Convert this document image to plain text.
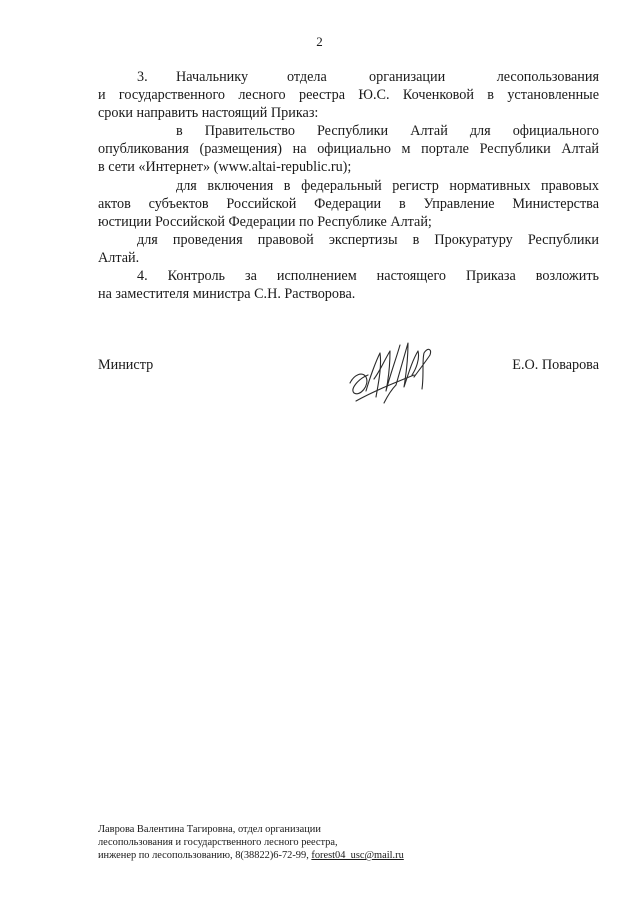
2
3. Начальнику	отдела	организации	лесопользования
и государственного лесного реестра Ю.С. Коченковой в установленные
сроки направить настоящий Приказ:
в Правительство Республики Алтай для официального
опубликования (размещения) на официально м портале Республики Алтай
в сети «Интернет» (www.altai-republic.ru);
для включения в федеральный регистр нормативных правовых
актов субъектов Российской Федерации в Управление Министерства
юстиции Российской Федерации по Республике Алтай;
для проведения правовой экспертизы в Прокуратуру Республики
Алтай.
4. Контроль за исполнением настоящего Приказа возложить
на заместителя министра С.Н. Растворова.
Министр	Е.О. Поварова
Лаврова Валентина Тагировна, отдел организации
лесопользования и государственного лесного реестра,
инженер по лесопользованию, 8(38822)6-72-99, forest04_usc@mail.ru
